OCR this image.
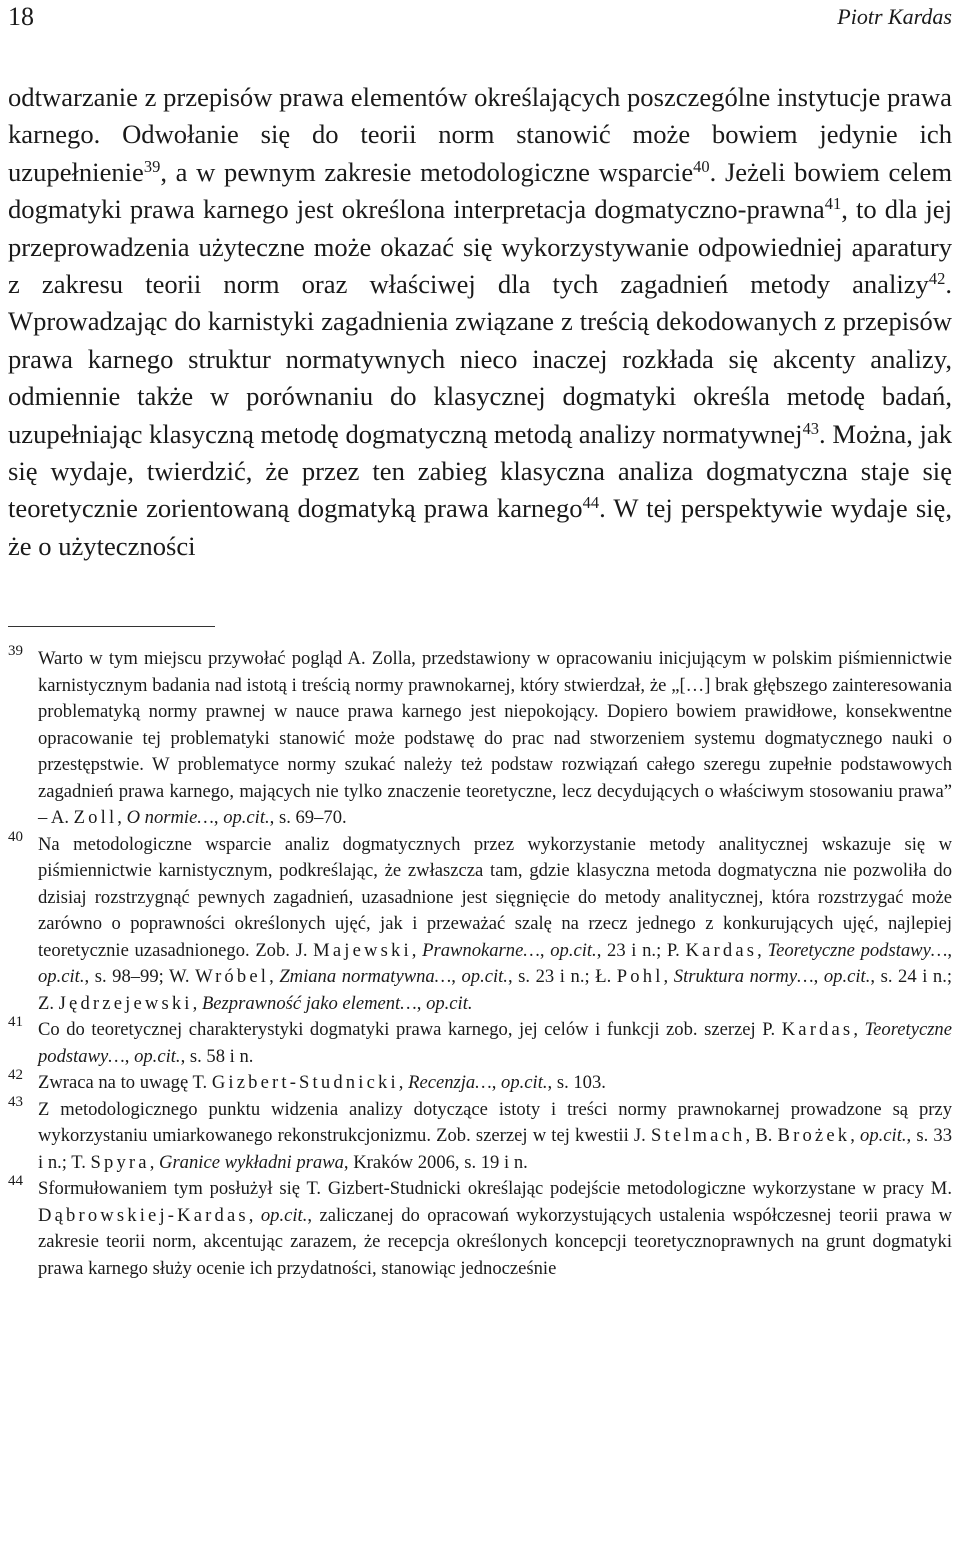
18	Piotr Kardas

odtwarzanie z przepisów prawa elementów określających poszczególne instytucje prawa karnego. Odwołanie się do teorii norm stanowić może bowiem jedynie ich uzupełnienie$^{39}$, a w pewnym zakresie metodologiczne wsparcie$^{40}$. Jeżeli bowiem celem dogmatyki prawa karnego jest określona interpretacja dogmatyczno-prawna$^{41}$, to dla jej przeprowadzenia użyteczne może okazać się wykorzystywanie odpowiedniej aparatury z zakresu teorii norm oraz właściwej dla tych zagadnień metody analizy$^{42}$. Wprowadzając do karnistyki zagadnienia związane z treścią dekodowanych z przepisów prawa karnego struktur normatywnych nieco inaczej rozkłada się akcenty analizy, odmiennie także w porównaniu do klasycznej dogmatyki określa metodę badań, uzupełniając klasyczną metodę dogmatyczną metodą analizy normatywnej$^{43}$. Można, jak się wydaje, twierdzić, że przez ten zabieg klasyczna analiza dogmatyczna staje się teoretycznie zorientowaną dogmatyką prawa karnego$^{44}$. W tej perspektywie wydaje się, że o użyteczności

39 Warto w tym miejscu przywołać pogląd A. Zolla, przedstawiony w opracowaniu inicjującym w polskim piśmiennictwie karnistycznym badania nad istotą i treścią normy prawnokarnej, który stwierdzał, że „[…] brak głębszego zainteresowania problematyką normy prawnej w nauce prawa karnego jest niepokojący. Dopiero bowiem prawidłowe, konsekwentne opracowanie tej problematyki stanowić może podstawę do prac nad stworzeniem systemu dogmatycznego nauki o przestępstwie. W problematyce normy szukać należy też podstaw rozwiązań całego szeregu zupełnie podstawowych zagadnień prawa karnego, mających nie tylko znaczenie teoretyczne, lecz decydujących o właściwym stosowaniu prawa” – A. Zoll, O normie…, op.cit., s. 69–70.
40 Na metodologiczne wsparcie analiz dogmatycznych przez wykorzystanie metody analitycznej wskazuje się w piśmiennictwie karnistycznym, podkreślając, że zwłaszcza tam, gdzie klasyczna metoda dogmatyczna nie pozwoliła do dzisiaj rozstrzygnąć pewnych zagadnień, uzasadnione jest sięgnięcie do metody analitycznej, która rozstrzygać może zarówno o poprawności określonych ujęć, jak i przeważać szalę na rzecz jednego z konkurujących ujęć, najlepiej teoretycznie uzasadnionego. Zob. J. Majewski, Prawnokarne…, op.cit., 23 i n.; P. Kardas, Teoretyczne podstawy…, op.cit., s. 98–99; W. Wróbel, Zmiana normatywna…, op.cit., s. 23 i n.; Ł. Pohl, Struktura normy…, op.cit., s. 24 i n.; Z. Jędrzejewski, Bezprawność jako element…, op.cit.
41 Co do teoretycznej charakterystyki dogmatyki prawa karnego, jej celów i funkcji zob. szerzej P. Kardas, Teoretyczne podstawy…, op.cit., s. 58 i n.
42 Zwraca na to uwagę T. Gizbert-Studnicki, Recenzja…, op.cit., s. 103.
43 Z metodologicznego punktu widzenia analizy dotyczące istoty i treści normy prawnokarnej prowadzone są przy wykorzystaniu umiarkowanego rekonstrukcjonizmu. Zob. szerzej w tej kwestii J. Stelmach, B. Brożek, op.cit., s. 33 i n.; T. Spyra, Granice wykładni prawa, Kraków 2006, s. 19 i n.
44 Sformułowaniem tym posłużył się T. Gizbert-Studnicki określając podejście metodologiczne wykorzystane w pracy M. Dąbrowskiej-Kardas, op.cit., zaliczanej do opracowań wykorzystujących ustalenia współczesnej teorii prawa w zakresie teorii norm, akcentując zarazem, że recepcja określonych koncepcji teoretycznoprawnych na grunt dogmatyki prawa karnego służy ocenie ich przydatności, stanowiąc jednocześnie
